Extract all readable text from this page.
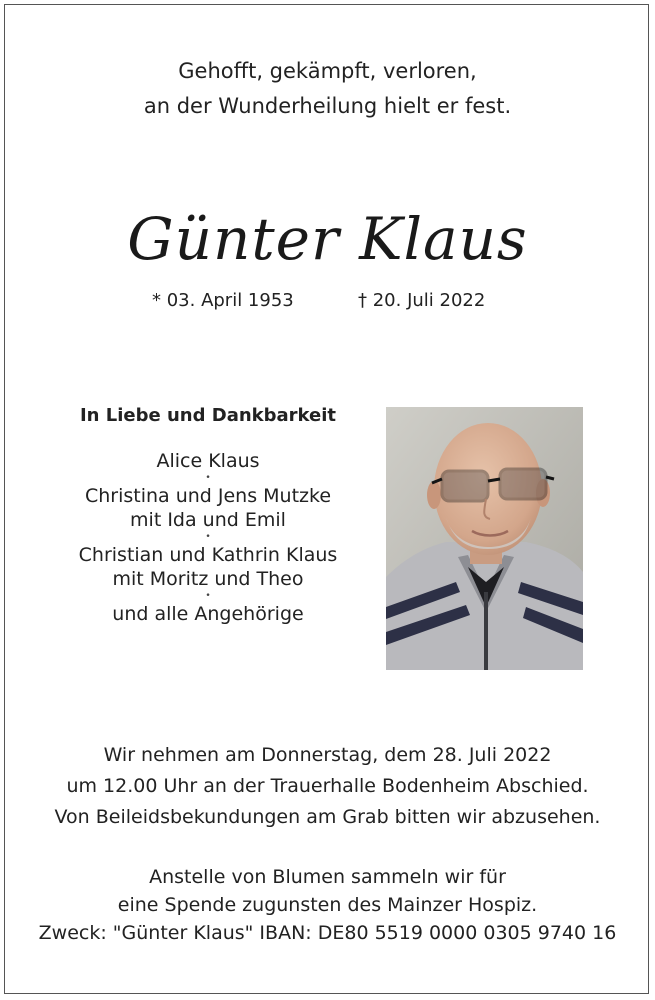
Gehofft, gekämpft, verloren,
an der Wunderheilung hielt er fest.
Günter Klaus
* 03. April 1953	† 20. Juli 2022
In Liebe und Dankbarkeit
Alice Klaus
•
Christina und Jens Mutzke
mit Ida und Emil
•
Christian und Kathrin Klaus
mit Moritz und Theo
•
und alle Angehörige
Wir nehmen am Donnerstag, dem 28. Juli 2022
um 12.00 Uhr an der Trauerhalle Bodenheim Abschied.
Von Beileidsbekundungen am Grab bitten wir abzusehen.
Anstelle von Blumen sammeln wir für
eine Spende zugunsten des Mainzer Hospiz.
Zweck: "Günter Klaus" IBAN: DE80 5519 0000 0305 9740 16
